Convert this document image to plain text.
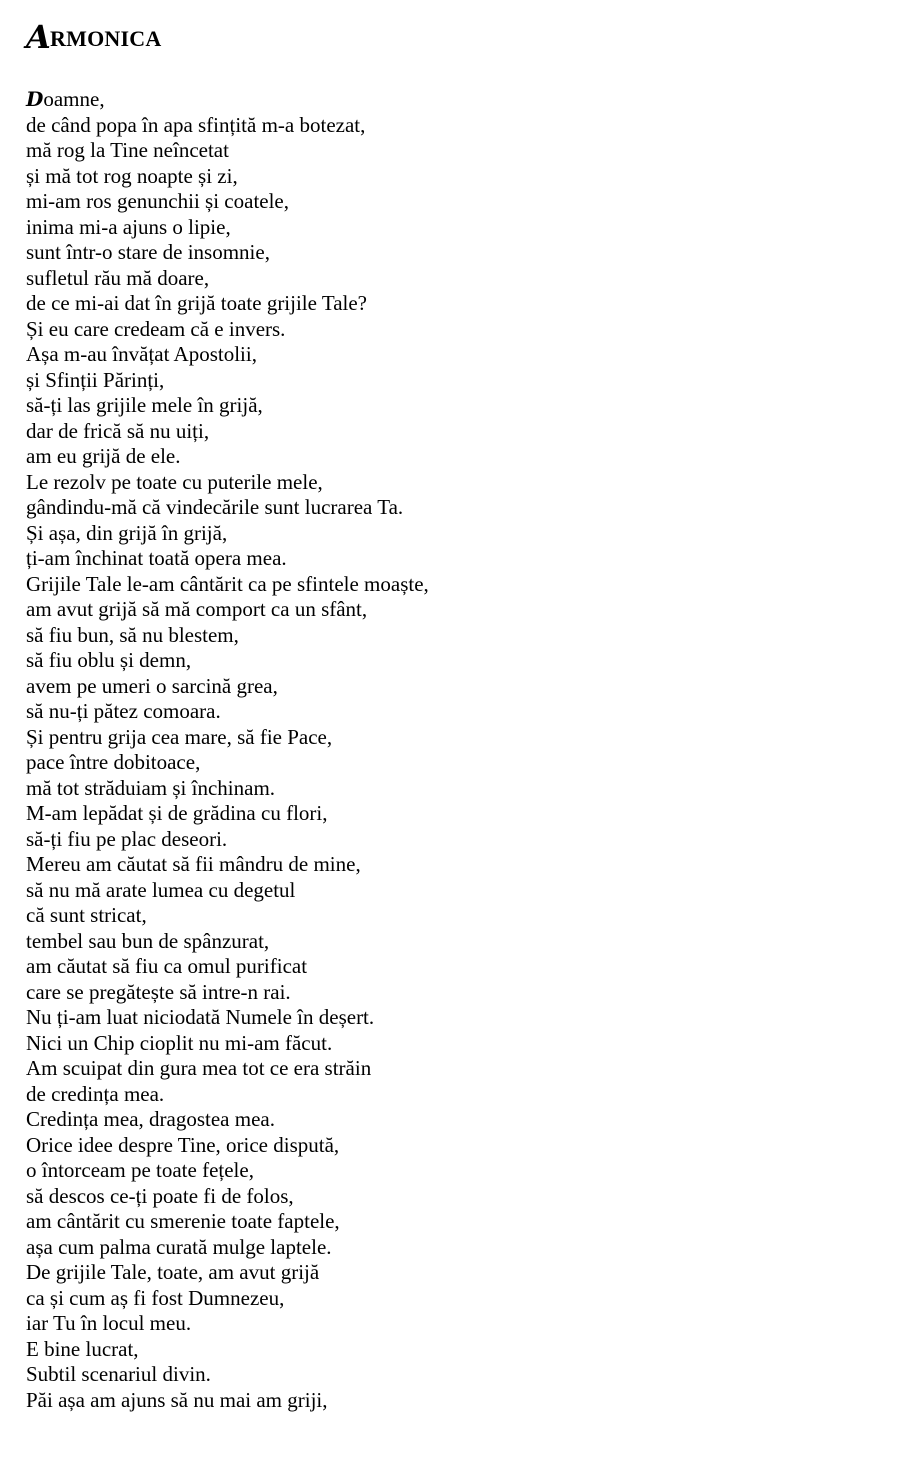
ARMONICA
Doamne,
de când popa în apa sfințită m-a botezat,
mă rog la Tine neîncetat
și mă tot rog noapte și zi,
mi-am ros genunchii și coatele,
inima mi-a ajuns o lipie,
sunt într-o stare de insomnie,
sufletul rău mă doare,
de ce mi-ai dat în grijă toate grijile Tale?
Și eu care credeam că e invers.
Așa m-au învățat Apostolii,
și Sfinții Părinți,
să-ți las grijile mele în grijă,
dar de frică să nu uiți,
am eu grijă de ele.
Le rezolv pe toate cu puterile mele,
gândindu-mă că vindecările sunt lucrarea Ta.
Și așa, din grijă în grijă,
ți-am închinat toată opera mea.
Grijile Tale le-am cântărit ca pe sfintele moaște,
am avut grijă să mă comport ca un sfânt,
să fiu bun, să nu blestem,
să fiu oblu și demn,
avem pe umeri o sarcină grea,
să nu-ți pătez comoara.
Și pentru grija cea mare, să fie Pace,
pace între dobitoace,
mă tot străduiam și închinam.
M-am lepădat și de grădina cu flori,
să-ți fiu pe plac deseori.
Mereu am căutat să fii mândru de mine,
să nu mă arate lumea cu degetul
că sunt stricat,
tembel sau bun de spânzurat,
am căutat să fiu ca omul purificat
care se pregătește să intre-n rai.
Nu ți-am luat niciodată Numele în deșert.
Nici un Chip cioplit nu mi-am făcut.
Am scuipat din gura mea tot ce era străin
de credința mea.
Credința mea, dragostea mea.
Orice idee despre Tine, orice dispută,
o întorceam pe toate fețele,
să descos ce-ți poate fi de folos,
am cântărit cu smerenie toate faptele,
așa cum palma curată mulge laptele.
De grijile Tale, toate, am avut grijă
ca și cum aș fi fost Dumnezeu,
iar Tu în locul meu.
E bine lucrat,
Subtil scenariul divin.
Păi așa am ajuns să nu mai am griji,
